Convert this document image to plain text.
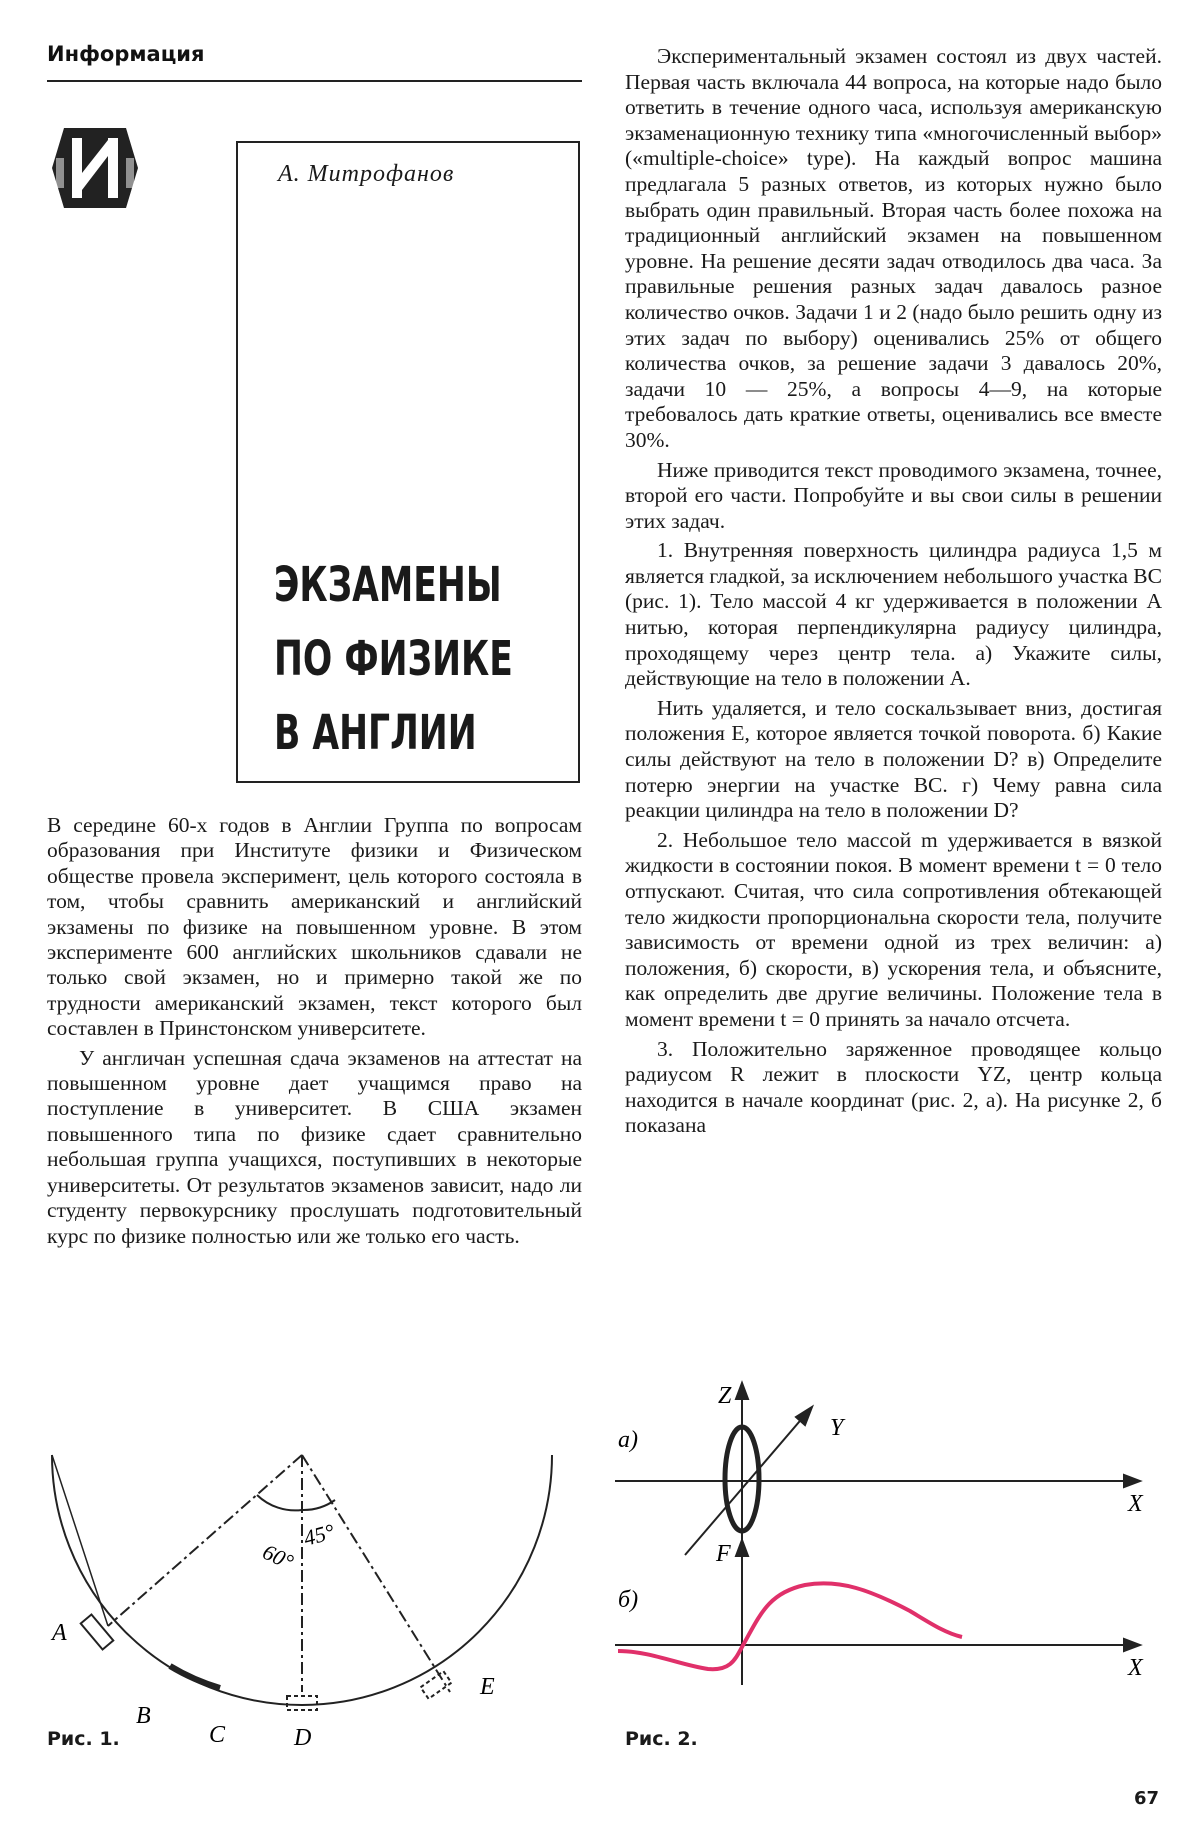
Информация
А. Митрофанов
ЭКЗАМЕНЫ
ПО ФИЗИКЕ
В АНГЛИИ

В середине 60-х годов в Англии Группа по вопросам образования при Институте физики и Физическом обществе провела эксперимент, цель которого состояла в том, чтобы сравнить американский и английский экзамены по физике на повышенном уровне. В этом эксперименте 600 английских школьников сдавали не только свой экзамен, но и примерно такой же по трудности американский экзамен, текст которого был составлен в Принстонском университете.

У англичан успешная сдача экзаменов на аттестат на повышенном уровне дает учащимся право на поступление в университет. В США экзамен повышенного типа по физике сдает сравнительно небольшая группа учащихся, поступивших в некоторые университеты. От результатов экзаменов зависит, надо ли студенту первокурснику прослушать подготовительный курс по физике полностью или же только его часть.

Экспериментальный экзамен состоял из двух частей. Первая часть включала 44 вопроса, на которые надо было ответить в течение одного часа, используя американскую экзаменационную технику типа «многочисленный выбор» («multiple-choice» type). На каждый вопрос машина предлагала 5 разных ответов, из которых нужно было выбрать один правильный. Вторая часть более похожа на традиционный английский экзамен на повышенном уровне. На решение десяти задач отводилось два часа. За правильные решения разных задач давалось разное количество очков. Задачи 1 и 2 (надо было решить одну из этих задач по выбору) оценивались 25% от общего количества очков, за решение задачи 3 давалось 20%, задачи 10 — 25%, а вопросы 4—9, на которые требовалось дать краткие ответы, оценивались все вместе 30%.

Ниже приводится текст проводимого экзамена, точнее, второй его части. Попробуйте и вы свои силы в решении этих задач.

1. Внутренняя поверхность цилиндра радиуса 1,5 м является гладкой, за исключением небольшого участка BC (рис. 1). Тело массой 4 кг удерживается в положении A нитью, которая перпендикулярна радиусу цилиндра, проходящему через центр тела. а) Укажите силы, действующие на тело в положении A.

Нить удаляется, и тело соскальзывает вниз, достигая положения E, которое является точкой поворота. б) Какие силы действуют на тело в положении D? в) Определите потерю энергии на участке BC. г) Чему равна сила реакции цилиндра на тело в положении D?

2. Небольшое тело массой m удерживается в вязкой жидкости в состоянии покоя. В момент времени t = 0 тело отпускают. Считая, что сила сопротивления обтекающей тело жидкости пропорциональна скорости тела, получите зависимость от времени одной из трех величин: а) положения, б) скорости, в) ускорения тела, и объясните, как определить две другие величины. Положение тела в момент времени t = 0 принять за начало отсчета.

3. Положительно заряженное проводящее кольцо радиусом R лежит в плоскости YZ, центр кольца находится в начале координат (рис. 2, а). На рисунке 2, б показана

60°
45°
A
B
C	D
E
Рис. 1.
Z
Y
X
F
X
а)
б)
Рис. 2.
67
